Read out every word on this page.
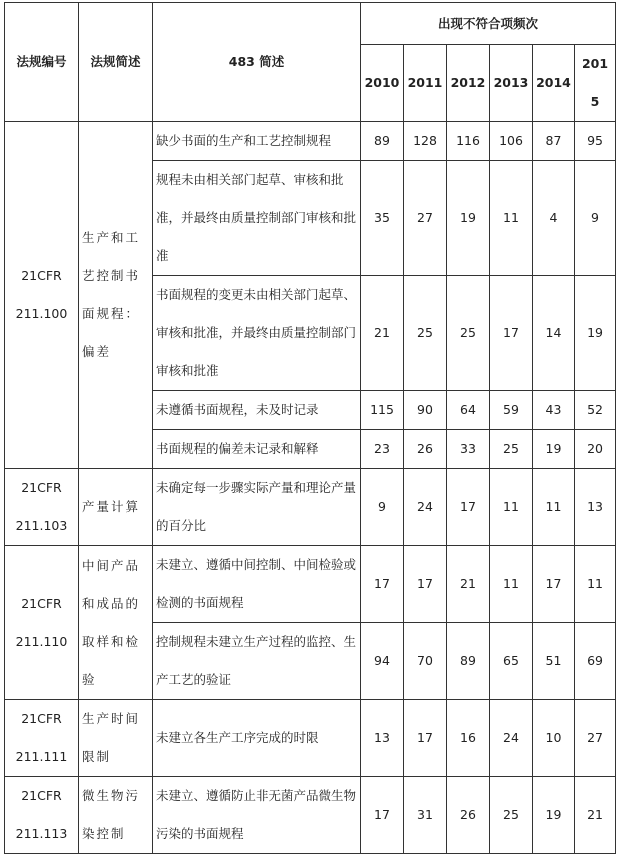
法规编号	法规简述	483 简述	出现不符合项频次					
			2010	2011	2012	2013	2014	2015
21CFR 211.100	生产和工艺控制书面规程：偏差	缺少书面的生产和工艺控制规程	89	128	116	106	87	95
		规程未由相关部门起草、审核和批准，并最终由质量控制部门审核和批准	35	27	19	11	4	9
		书面规程的变更未由相关部门起草、审核和批准，并最终由质量控制部门审核和批准	21	25	25	17	14	19
		未遵循书面规程，未及时记录	115	90	64	59	43	52
		书面规程的偏差未记录和解释	23	26	33	25	19	20
21CFR 211.103	产量计算	未确定每一步骤实际产量和理论产量的百分比	9	24	17	11	11	13
21CFR 211.110	中间产品和成品的取样和检验	未建立、遵循中间控制、中间检验或检测的书面规程	17	17	21	11	17	11
		控制规程未建立生产过程的监控、生产工艺的验证	94	70	89	65	51	69
21CFR 211.111	生产时间限制	未建立各生产工序完成的时限	13	17	16	24	10	27
21CFR 211.113	微生物污染控制	未建立、遵循防止非无菌产品微生物污染的书面规程	17	31	26	25	19	21
